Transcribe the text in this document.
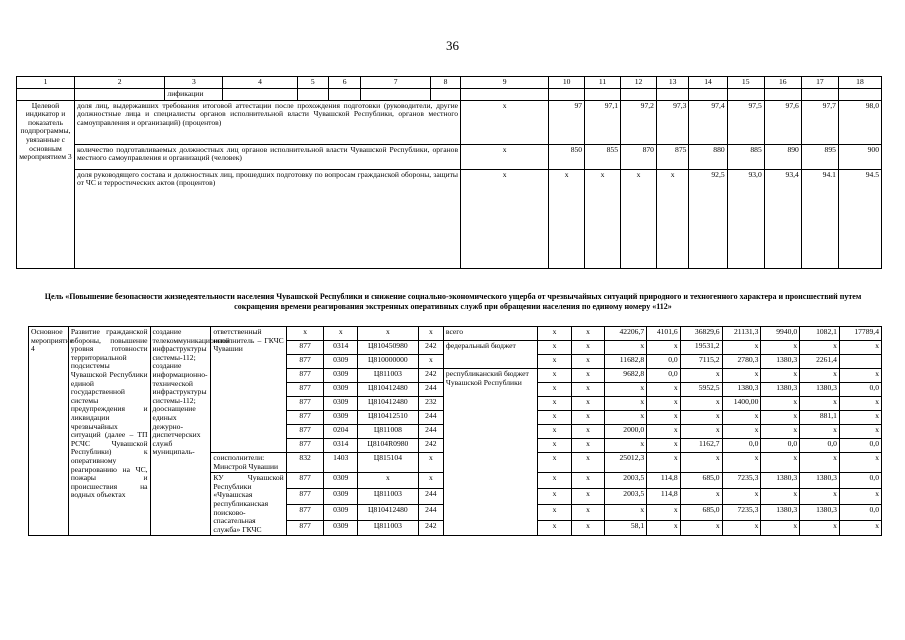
36
1	2	3	4	5	6	7	8	9	10	11	12	13	14	15	16	17	18
		лификации															
Целевой индикатор и показатель подпрограммы, увязанные с основным мероприятием 3	доля лиц, выдержавших требования итоговой аттестации после прохождения подготовки (руководители, другие должностные лица и специалисты органов исполнительной власти Чувашской Республики, органов местного самоуправления и организаций) (процентов)							х	97	97,1	97,2	97,3	97,4	97,5	97,6	97,7	98,0
	количество подготавливаемых должностных лиц органов исполнительной власти Чувашской Республики, органов местного самоуправления и организаций (человек)							х	850	855	870	875	880	885	890	895	900
	доля руководящего состава и должностных лиц, прошедших подготовку по вопросам гражданской обороны, защиты от ЧС и терростических актов (процентов)							х	х	х	х	х	92,5	93,0	93,4	94.1	94.5
Цель «Повышение безопасности жизнедеятельности населения Чувашской Республики и снижение социально-экономического ущерба от чрезвычайных ситуаций природного и техногенного характера и происшествий путем сокращения времени реагирования экстренных оперативных служб при обращении населения по единому номеру «112»
Основное мероприятие 4	Развитие гражданской обороны, повышение уровня готовности территориальной подсистемы Чувашской Республики единой государственной системы предупреждения и ликвидации чрезвычайных ситуаций (далее – ТП РСЧС Чувашской Республики) к оперативному реагированию на ЧС, пожары и происшествия на водных объектах	создание телекоммуникационной инфраструктуры системы-112; создание информационно-технической инфраструктуры системы-112; дооснащение единых дежурно-диспетчерских служб муниципаль-	ответственный исполнитель – ГКЧС Чувашии	х	х	х	х	всего	х	х	42206,7	4101,6	36829,6	21131,3	9940,0	1082,1	17789,4
				877	0314	Ц810450980	242	федеральный бюджет	х	х	х	х	19531,2	х	х	х	х
				877	0309	Ц810000000	х		х	х	11682,8	0,0	7115,2	2780,3	1380,3	2261,4	
				877	0309	Ц811003	242	республиканский бюджет Чувашской Республики	х	х	9682,8	0,0	х	х	х	х	х
				877	0309	Ц810412480	244		х	х	х	х	5952,5	1380,3	1380,3	1380,3	0,0
				877	0309	Ц810412480	232		х	х	х	х	х	1400,00	х	х	х
				877	0309	Ц810412510	244		х	х	х	х	х	х	х	881,1	х
				877	0204	Ц811008	244		х	х	2000,0	х	х	х	х	х	х
				877	0314	Ц8104R0980	242		х	х	х	х	1162,7	0,0	0,0	0,0	0,0
			соисполнители: Минстрой Чувашии	832	1403	Ц815104	х		х	х	25012,3	х	х	х	х	х	х
			КУ Чувашской Республики «Чувашская республиканская поисково-спасательная служба» ГКЧС	877	0309	х	х		х	х	2003,5	114,8	685,0	7235,3	1380,3	1380,3	0,0
				877	0309	Ц811003	244		х	х	2003,5	114,8	х	х	х	х	х
				877	0309	Ц810412480	244		х	х	х	х	685,0	7235,3	1380,3	1380,3	0,0
				877	0309	Ц811003	242		х	х	58,1	х	х	х	х	х	х
